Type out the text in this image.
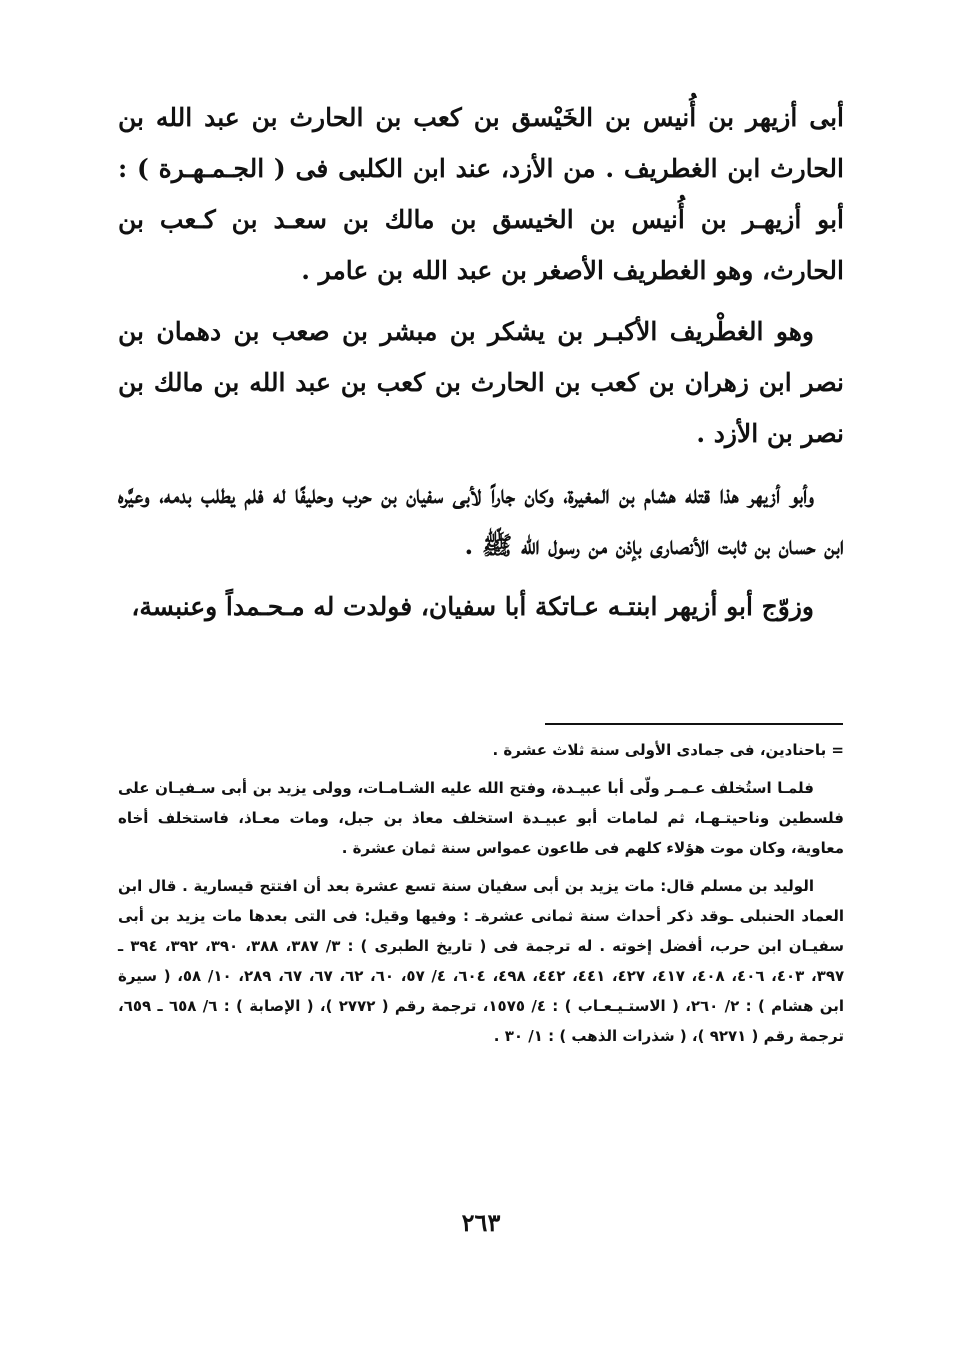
أبى أزيهر بن أُنيس بن الخَيْسق بن كعب بن الحارث بن عبد الله بن الحارث ابن الغطريف . من الأزد، عند ابن الكلبى فى ( الجـمـهـرة ) : أبو أزيهـر بن أُنيس بن الخيسق بن مالك بن سعـد بن كـعب بن الحارث، وهو الغطريف الأصغر بن عبد الله بن عامر .

وهو الغطْريف الأكبـر بن يشكر بن مبشر بن صعب بن دهمان بن نصر ابن زهران بن كعب بن الحارث بن كعب بن عبد الله بن مالك بن نصر بن الأزد .

وأبو أزيهر هذا قتله هشام بن المغيرة، وكان جاراً لأبى سفيان بن حرب وحليفًا له فلم يطلب بدمه، وعيَّره ابن حسان بن ثابت الأنصارى بإذن من رسول الله ﷺ .

وزوّج أبو أزيهر ابنتـه عـاتكة أبا سفيان، فولدت له مـحـمداً وعنبسة،

= باحنادين، فى جمادى الأولى سنة ثلاث عشرة .

فلمـا استُخلف عـمـر ولّى أبا عبيـدة، وفتح الله عليه الشـامـات، وولى يزيد بن أبى سـفيـان على فلسطين وناحيتـهـا، ثم لمامات أبو عبيـدة استخلف معاذ بن جبل، ومات معـاذ، فاستخلف أخاه معاوية، وكان موت هؤلاء كلهم فى طاعون عمواس سنة ثمان عشرة .

الوليد بن مسلم قال: مات يزيد بن أبى سفيان سنة تسع عشرة بعد أن افتتح قيسارية . قال ابن العماد الحنبلى ـوقد ذكر أحداث سنة ثمانى عشرةـ : وفيها وقيل: فى التى بعدها مات يزيد بن أبى سفيـان ابن حرب، أفضل إخوته . له ترجمة فى ( تاريخ الطبرى ) : ٣/ ٣٨٧، ٣٨٨، ٣٩٠، ٣٩٢، ٣٩٤ ـ ٣٩٧، ٤٠٣، ٤٠٦، ٤٠٨، ٤١٧، ٤٢٧، ٤٤١، ٤٤٢، ٤٩٨، ٦٠٤، ٤/ ٥٧، ٦٠، ٦٢، ٦٧، ٦٧، ٢٨٩، ١٠/ ٥٨، ( سيرة ابن هشام ) : ٢/ ٢٦٠، ( الاستـيـعـاب ) : ٤/ ١٥٧٥، ترجمة رقم ( ٢٧٧٢ )، ( الإصابة ) : ٦/ ٦٥٨ ـ ٦٥٩، ترجمة رقم ( ٩٢٧١ )، ( شذرات الذهب ) : ١/ ٣٠ .

٢٦٣
